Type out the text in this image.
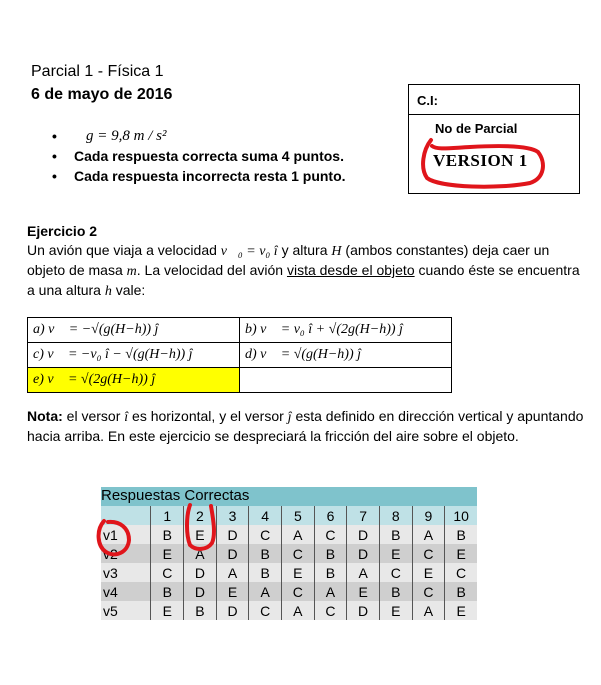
Parcial 1 - Física 1
6 de mayo de 2016
•	g = 9,8 m / s²
•	Cada respuesta correcta suma 4 puntos.
•	Cada respuesta incorrecta resta 1 punto.
C.I:
No de Parcial
VERSION 1
Ejercicio 2
Un avión que viaja a velocidad v⃗₀ = v₀ î y altura H (ambos constantes) deja caer un objeto de masa m. La velocidad del avión vista desde el objeto cuando éste se encuentra a una altura h vale:
a) v⃗ = −√(g(H−h)) ĵ	b) v⃗ = v₀ î + √(2g(H−h)) ĵ
c) v⃗ = −v₀ î − √(g(H−h)) ĵ	d) v⃗ = √(g(H−h)) ĵ
e) v⃗ = √(2g(H−h)) ĵ	
Nota: el versor î es horizontal, y el versor ĵ esta definido en dirección vertical y apuntando hacia arriba. En este ejercicio se despreciará la fricción del aire sobre el objeto.
Respuestas Correctas
	1	2	3	4	5	6	7	8	9	10
v1	B	E	D	C	A	C	D	B	A	B
v2	E	A	D	B	C	B	D	E	C	E
v3	C	D	A	B	E	B	A	C	E	C
v4	B	D	E	A	C	A	E	B	C	B
v5	E	B	D	C	A	C	D	E	A	E
